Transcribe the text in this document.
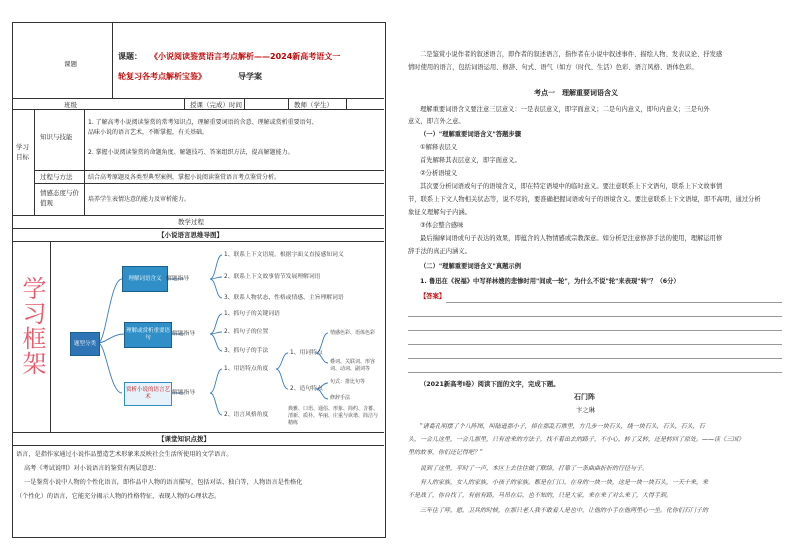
课题
课题： 《小说阅读鉴赏语言考点解析——2024新高考语文一
轮复习各考点解析宝鉴》	导学案
班级	授课（完成）时间	教师（学生）
学习目标
知识与技能
1. 了解高考小说阅读鉴赏的常考知识点，理解重要词语的含意、理解或赏析重要语句、
品味小说的语言艺术，不断掌握，有关基础。
2. 掌握小说阅读鉴赏的命题角度、解题技巧、答案组织方法，提高解题能力。
过程与方法	结合高考原题及各类型典型案例，掌握小说阅读鉴赏语言考点鉴赏分析。
情感态度与价值观	培养学生表情达意的能力及审析能力。
教学过程
【小说语言思维导图】
学习框架	题型分类
理解词语含义 解题指导
1、联系上下文语境，根据字面义直接感知词义
2、联系上下文故事情节发展理解词语
3、联系人物状态、性格或情感、主旨理解词语
理解或赏析重要语句
解题指导
1、抓句子的关键词语
2、抓句子的位置
3、抓句子的手法
赏析小说的语言艺术
解题指导
1、用语特点角度
2、语言风格角度
1、用词特点
2、造句特点
情感色彩、语体色彩
叠词、关联词、形容词、动词、副词等
句式：排比句等
修辞手法
典雅、口语、通俗、形象、简约、含蓄、清新、质朴、华丽、庄重与诙谐、简洁与精练
【课堂知识点拨】
语言，是指作家通过小说作品塑造艺术形象来反映社会生活所使用的文学语言。
高考《考试说明》对小说语言的鉴赏有两层意思：
一是鉴赏小说中人物的个性化语言，即作品中人物的语言描写，包括对话、独白等，人物语言是性格化
（个性化）的语言，它能充分揭示人物的性格特征，表现人物的心理状态。
二是鉴赏小说作者的叙述语言，即作者的叙述语言，指作者在小说中叙述事件、描绘人物、发表议论、抒发感
情时使用的语言，包括词语运用、修辞、句式、语气（如方（时代、生活）色彩、语言风格、语体色彩。
考点一　理解重要词语含义
理解重要词语含义要注意三层意义：一是表层意义，即字面意义；二是句内意义，即句内意义；三是句外
意义，即言外之意。
（一）"理解重要词语含义"答题步骤
①解释表层义
首先解释其表层意义，即字面意义。
②分析语境义
其次要分析词语或句子的语境含义，即在特定语境中的临时意义。要注意联系上下文语句，联系上下文故事情
节，联系上下文人物相关状态等，说不尽的，要准确把握词语或句子的语境含义。要注意联系上下文语境，即不高明，通过分析
象征义理解句子内涵。
③体会整合感味
最后揣摩词语或句子表达的效果，即蕴含的人物情感或宗教深意。如分析是注意修辞手法的使用，理解运用修
辞手法的真正内涵义。
（二）"理解重要词语含义"真题示例
1. 鲁迅在《祝福》中写祥林嫂的悲惨时用"间或一轮"，为什么不说"轮"来表现"转"？（6分）
【答案】
（2021新高考I卷）阅读下面的文字，完成下题。
石门阵
卞之琳
"诸葛孔明摆了个八阵图，叫陆逊那小子，掉在那乱石堆里，方几步一块石头，绕一块石头，石头，石头，石
头，一会儿这里，一会儿那里，只有进来的方法子，找不着出去的路子，不小心，转了又转，还是转回了原处。——读《三国》
里的故事，你们还记得吧？"
说到了这里，平时了一声，本区上去往往做了联络，打靠了一条曲曲折折的行径与子。
有人的家族，女人的家族，小孩子的家族，都是在门口，在身的一块一块，这是一块一块石头，一天十来，来
不是战了，你自找了，有前有路，马吊在后，也不知的，只是大家，来在来了对么来了，大得手到。
三年住了呼，愿，卫兵的时候，在那只老人我不敢看人是也中，让他的小手在他两里心一坐。化你们石门子的
